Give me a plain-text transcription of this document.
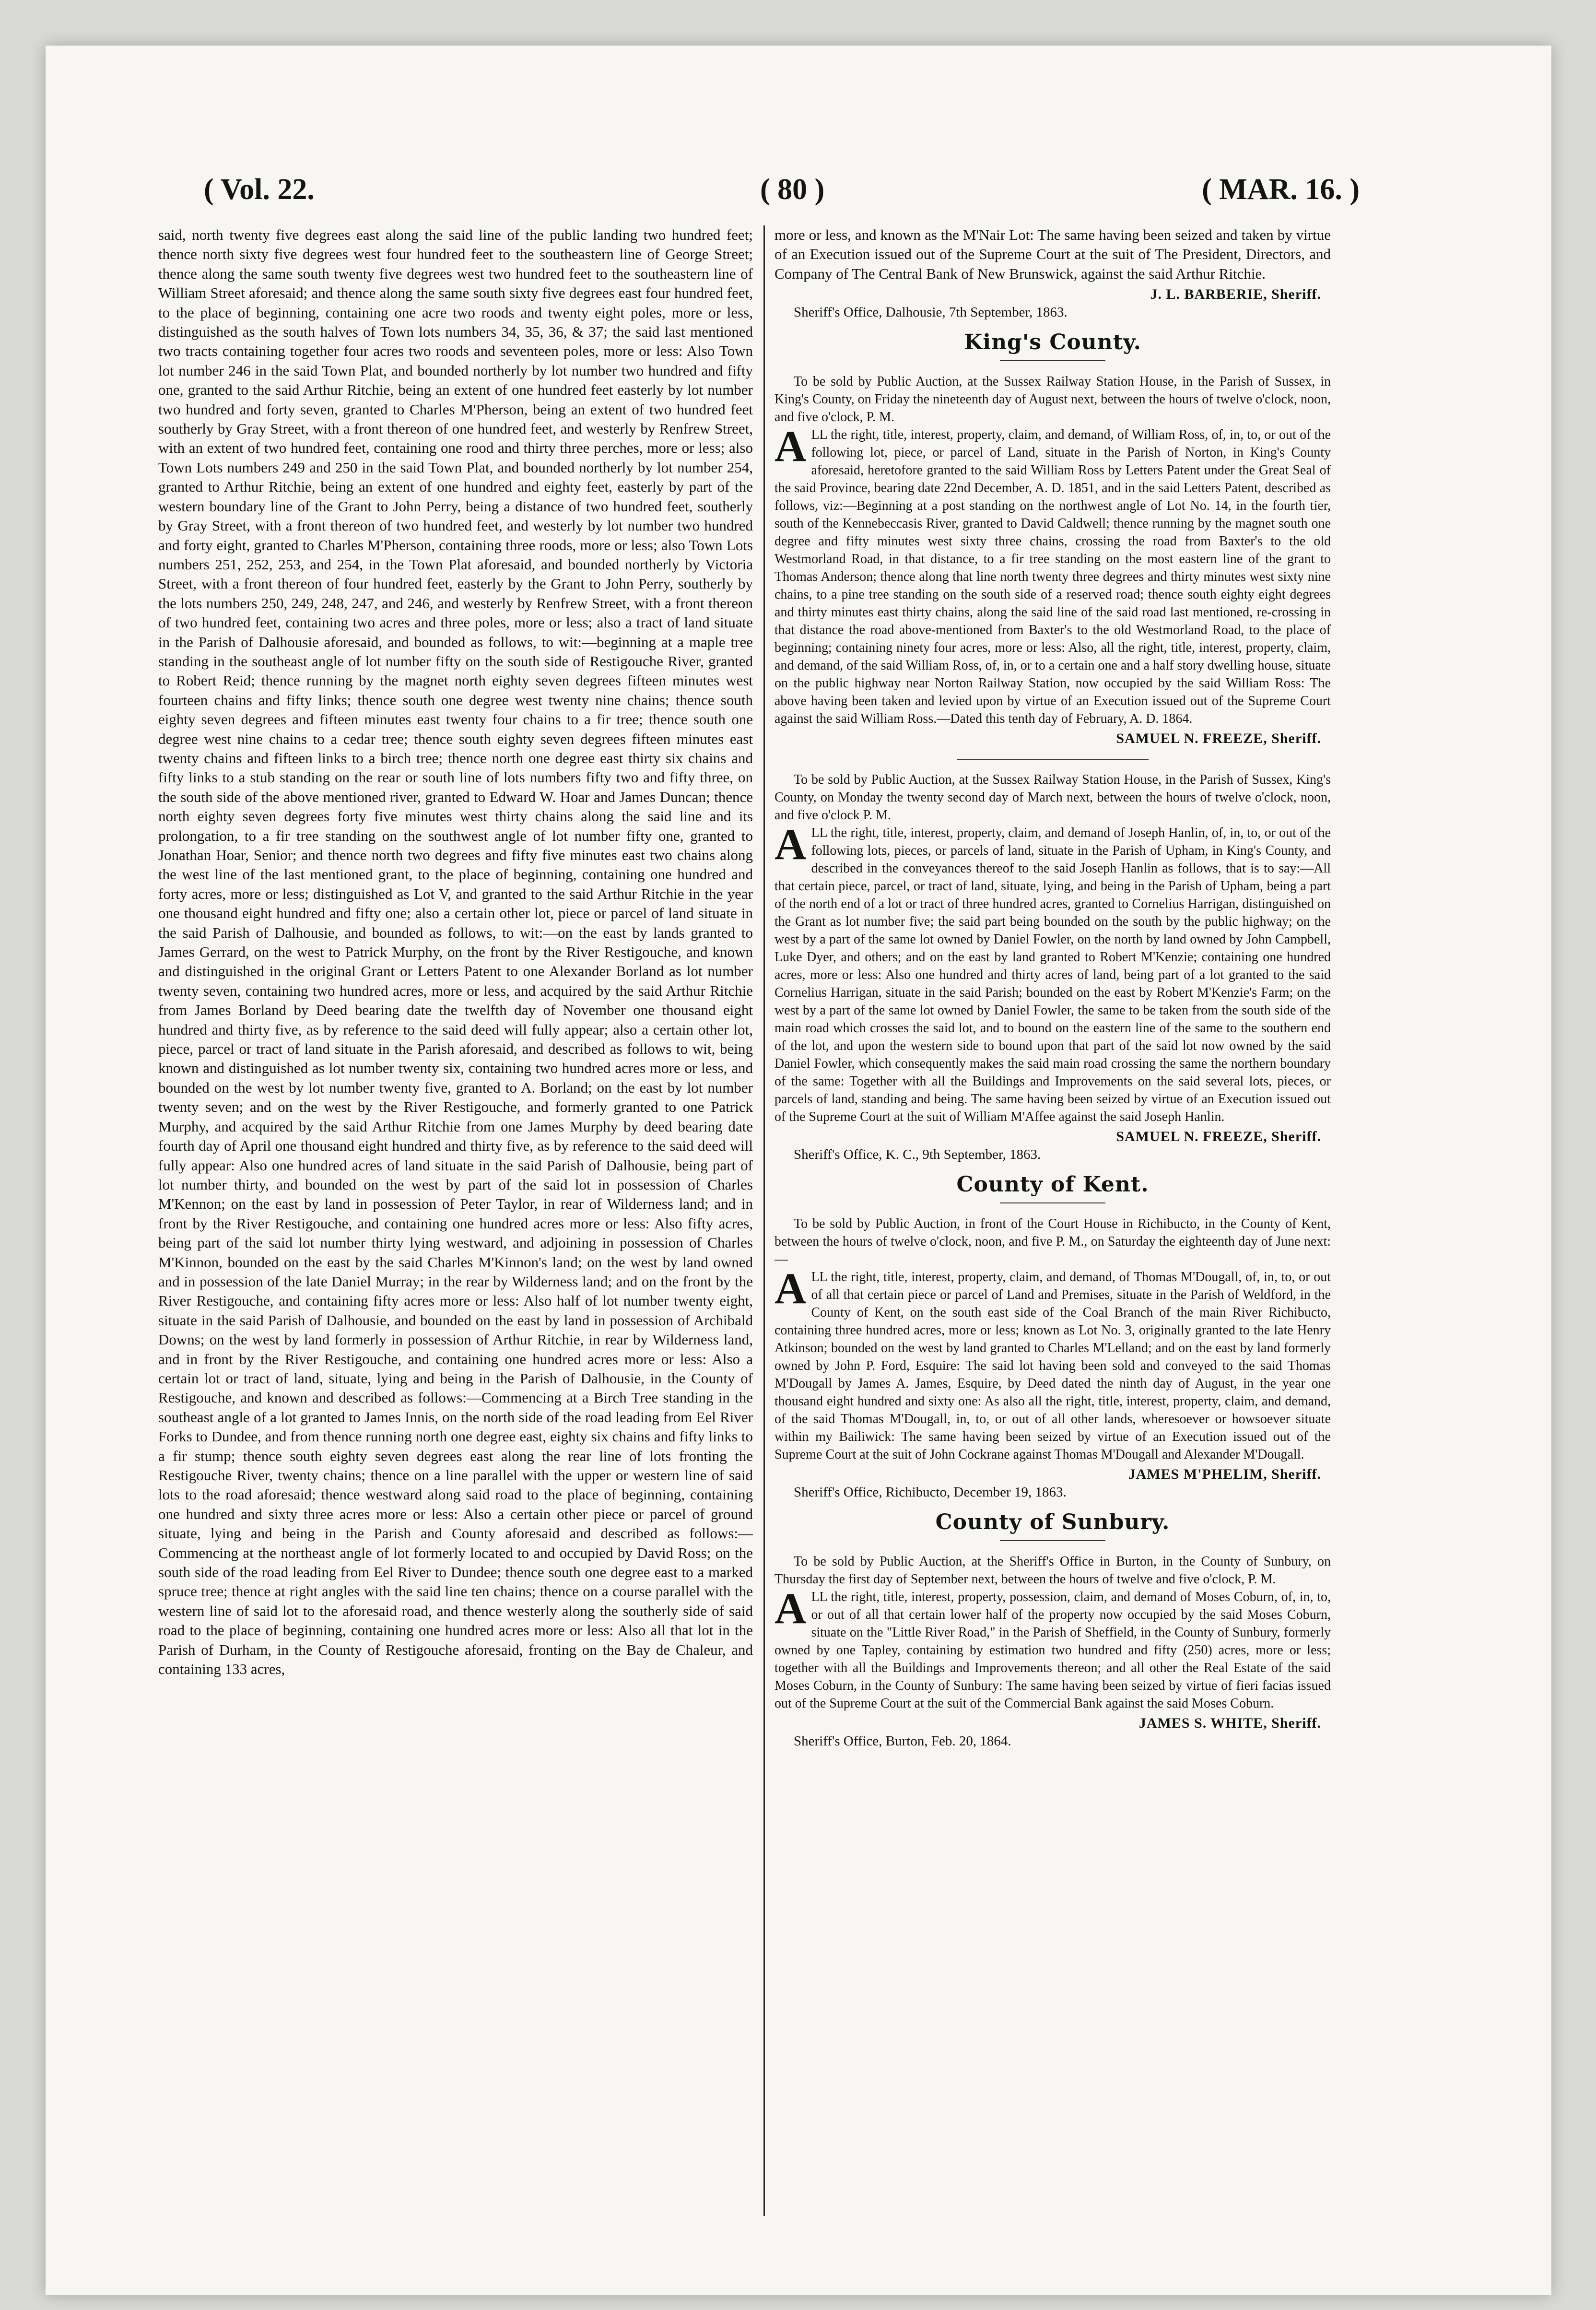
( Vol. 22.	( 80 )	( MAR. 16. )

said, north twenty five degrees east along the said line of the public landing two hundred feet; thence north sixty five degrees west four hundred feet to the southeastern line of George Street; thence along the same south twenty five degrees west two hundred feet to the southeastern line of William Street aforesaid; and thence along the same south sixty five degrees east four hundred feet, to the place of beginning, containing one acre two roods and twenty eight poles, more or less, distinguished as the south halves of Town lots numbers 34, 35, 36, & 37; the said last mentioned two tracts containing together four acres two roods and seventeen poles, more or less: Also Town lot number 246 in the said Town Plat, and bounded northerly by lot number two hundred and fifty one, granted to the said Arthur Ritchie, being an extent of one hundred feet easterly by lot number two hundred and forty seven, granted to Charles M'Pherson, being an extent of two hundred feet southerly by Gray Street, with a front thereon of one hundred feet, and westerly by Renfrew Street, with an extent of two hundred feet, containing one rood and thirty three perches, more or less; also Town Lots numbers 249 and 250 in the said Town Plat, and bounded northerly by lot number 254, granted to Arthur Ritchie, being an extent of one hundred and eighty feet, easterly by part of the western boundary line of the Grant to John Perry, being a distance of two hundred feet, southerly by Gray Street, with a front thereon of two hundred feet, and westerly by lot number two hundred and forty eight, granted to Charles M'Pherson, containing three roods, more or less; also Town Lots numbers 251, 252, 253, and 254, in the Town Plat aforesaid, and bounded northerly by Victoria Street, with a front thereon of four hundred feet, easterly by the Grant to John Perry, southerly by the lots numbers 250, 249, 248, 247, and 246, and westerly by Renfrew Street, with a front thereon of two hundred feet, containing two acres and three poles, more or less; also a tract of land situate in the Parish of Dalhousie aforesaid, and bounded as follows, to wit:—beginning at a maple tree standing in the southeast angle of lot number fifty on the south side of Restigouche River, granted to Robert Reid; thence running by the magnet north eighty seven degrees fifteen minutes west fourteen chains and fifty links; thence south one degree west twenty nine chains; thence south eighty seven degrees and fifteen minutes east twenty four chains to a fir tree; thence south one degree west nine chains to a cedar tree; thence south eighty seven degrees fifteen minutes east twenty chains and fifteen links to a birch tree; thence north one degree east thirty six chains and fifty links to a stub standing on the rear or south line of lots numbers fifty two and fifty three, on the south side of the above mentioned river, granted to Edward W. Hoar and James Duncan; thence north eighty seven degrees forty five minutes west thirty chains along the said line and its prolongation, to a fir tree standing on the southwest angle of lot number fifty one, granted to Jonathan Hoar, Senior; and thence north two degrees and fifty five minutes east two chains along the west line of the last mentioned grant, to the place of beginning, containing one hundred and forty acres, more or less; distinguished as Lot V, and granted to the said Arthur Ritchie in the year one thousand eight hundred and fifty one; also a certain other lot, piece or parcel of land situate in the said Parish of Dalhousie, and bounded as follows, to wit:—on the east by lands granted to James Gerrard, on the west to Patrick Murphy, on the front by the River Restigouche, and known and distinguished in the original Grant or Letters Patent to one Alexander Borland as lot number twenty seven, containing two hundred acres, more or less, and acquired by the said Arthur Ritchie from James Borland by Deed bearing date the twelfth day of November one thousand eight hundred and thirty five, as by reference to the said deed will fully appear; also a certain other lot, piece, parcel or tract of land situate in the Parish aforesaid, and described as follows to wit, being known and distinguished as lot number twenty six, containing two hundred acres more or less, and bounded on the west by lot number twenty five, granted to A. Borland; on the east by lot number twenty seven; and on the west by the River Restigouche, and formerly granted to one Patrick Murphy, and acquired by the said Arthur Ritchie from one James Murphy by deed bearing date fourth day of April one thousand eight hundred and thirty five, as by reference to the said deed will fully appear: Also one hundred acres of land situate in the said Parish of Dalhousie, being part of lot number thirty, and bounded on the west by part of the said lot in possession of Charles M'Kennon; on the east by land in possession of Peter Taylor, in rear of Wilderness land; and in front by the River Restigouche, and containing one hundred acres more or less: Also fifty acres, being part of the said lot number thirty lying westward, and adjoining in possession of Charles M'Kinnon, bounded on the east by the said Charles M'Kinnon's land; on the west by land owned and in possession of the late Daniel Murray; in the rear by Wilderness land; and on the front by the River Restigouche, and containing fifty acres more or less: Also half of lot number twenty eight, situate in the said Parish of Dalhousie, and bounded on the east by land in possession of Archibald Downs; on the west by land formerly in possession of Arthur Ritchie, in rear by Wilderness land, and in front by the River Restigouche, and containing one hundred acres more or less: Also a certain lot or tract of land, situate, lying and being in the Parish of Dalhousie, in the County of Restigouche, and known and described as follows:—Commencing at a Birch Tree standing in the southeast angle of a lot granted to James Innis, on the north side of the road leading from Eel River Forks to Dundee, and from thence running north one degree east, eighty six chains and fifty links to a fir stump; thence south eighty seven degrees east along the rear line of lots fronting the Restigouche River, twenty chains; thence on a line parallel with the upper or western line of said lots to the road aforesaid; thence westward along said road to the place of beginning, containing one hundred and sixty three acres more or less: Also a certain other piece or parcel of ground situate, lying and being in the Parish and County aforesaid and described as follows:—Commencing at the northeast angle of lot formerly located to and occupied by David Ross; on the south side of the road leading from Eel River to Dundee; thence south one degree east to a marked spruce tree; thence at right angles with the said line ten chains; thence on a course parallel with the western line of said lot to the aforesaid road, and thence westerly along the southerly side of said road to the place of beginning, containing one hundred acres more or less: Also all that lot in the Parish of Durham, in the County of Restigouche aforesaid, fronting on the Bay de Chaleur, and containing 133 acres,

more or less, and known as the M'Nair Lot: The same having been seized and taken by virtue of an Execution issued out of the Supreme Court at the suit of The President, Directors, and Company of The Central Bank of New Brunswick, against the said Arthur Ritchie.

J. L. BARBERIE, Sheriff.
Sheriff's Office, Dalhousie, 7th September, 1863.
King's County.

To be sold by Public Auction, at the Sussex Railway Station House, in the Parish of Sussex, in King's County, on Friday the nineteenth day of August next, between the hours of twelve o'clock, noon, and five o'clock, P. M.

ALL the right, title, interest, property, claim, and demand, of William Ross, of, in, to, or out of the following lot, piece, or parcel of Land, situate in the Parish of Norton, in King's County aforesaid, heretofore granted to the said William Ross by Letters Patent under the Great Seal of the said Province, bearing date 22nd December, A. D. 1851, and in the said Letters Patent, described as follows, viz:—Beginning at a post standing on the northwest angle of Lot No. 14, in the fourth tier, south of the Kennebeccasis River, granted to David Caldwell; thence running by the magnet south one degree and fifty minutes west sixty three chains, crossing the road from Baxter's to the old Westmorland Road, in that distance, to a fir tree standing on the most eastern line of the grant to Thomas Anderson; thence along that line north twenty three degrees and thirty minutes west sixty nine chains, to a pine tree standing on the south side of a reserved road; thence south eighty eight degrees and thirty minutes east thirty chains, along the said line of the said road last mentioned, re-crossing in that distance the road above-mentioned from Baxter's to the old Westmorland Road, to the place of beginning; containing ninety four acres, more or less: Also, all the right, title, interest, property, claim, and demand, of the said William Ross, of, in, or to a certain one and a half story dwelling house, situate on the public highway near Norton Railway Station, now occupied by the said William Ross: The above having been taken and levied upon by virtue of an Execution issued out of the Supreme Court against the said William Ross.—Dated this tenth day of February, A. D. 1864.

SAMUEL N. FREEZE, Sheriff.

To be sold by Public Auction, at the Sussex Railway Station House, in the Parish of Sussex, King's County, on Monday the twenty second day of March next, between the hours of twelve o'clock, noon, and five o'clock P. M.

ALL the right, title, interest, property, claim, and demand of Joseph Hanlin, of, in, to, or out of the following lots, pieces, or parcels of land, situate in the Parish of Upham, in King's County, and described in the conveyances thereof to the said Joseph Hanlin as follows, that is to say:—All that certain piece, parcel, or tract of land, situate, lying, and being in the Parish of Upham, being a part of the north end of a lot or tract of three hundred acres, granted to Cornelius Harrigan, distinguished on the Grant as lot number five; the said part being bounded on the south by the public highway; on the west by a part of the same lot owned by Daniel Fowler, on the north by land owned by John Campbell, Luke Dyer, and others; and on the east by land granted to Robert M'Kenzie; containing one hundred acres, more or less: Also one hundred and thirty acres of land, being part of a lot granted to the said Cornelius Harrigan, situate in the said Parish; bounded on the east by Robert M'Kenzie's Farm; on the west by a part of the same lot owned by Daniel Fowler, the same to be taken from the south side of the main road which crosses the said lot, and to bound on the eastern line of the same to the southern end of the lot, and upon the western side to bound upon that part of the said lot now owned by the said Daniel Fowler, which consequently makes the said main road crossing the same the northern boundary of the same: Together with all the Buildings and Improvements on the said several lots, pieces, or parcels of land, standing and being. The same having been seized by virtue of an Execution issued out of the Supreme Court at the suit of William M'Affee against the said Joseph Hanlin.

SAMUEL N. FREEZE, Sheriff.
Sheriff's Office, K. C., 9th September, 1863.
County of Kent.

To be sold by Public Auction, in front of the Court House in Richibucto, in the County of Kent, between the hours of twelve o'clock, noon, and five P. M., on Saturday the eighteenth day of June next:—

ALL the right, title, interest, property, claim, and demand, of Thomas M'Dougall, of, in, to, or out of all that certain piece or parcel of Land and Premises, situate in the Parish of Weldford, in the County of Kent, on the south east side of the Coal Branch of the main River Richibucto, containing three hundred acres, more or less; known as Lot No. 3, originally granted to the late Henry Atkinson; bounded on the west by land granted to Charles M'Lelland; and on the east by land formerly owned by John P. Ford, Esquire: The said lot having been sold and conveyed to the said Thomas M'Dougall by James A. James, Esquire, by Deed dated the ninth day of August, in the year one thousand eight hundred and sixty one: As also all the right, title, interest, property, claim, and demand, of the said Thomas M'Dougall, in, to, or out of all other lands, wheresoever or howsoever situate within my Bailiwick: The same having been seized by virtue of an Execution issued out of the Supreme Court at the suit of John Cockrane against Thomas M'Dougall and Alexander M'Dougall.

JAMES M'PHELIM, Sheriff.
Sheriff's Office, Richibucto, December 19, 1863.
County of Sunbury.

To be sold by Public Auction, at the Sheriff's Office in Burton, in the County of Sunbury, on Thursday the first day of September next, between the hours of twelve and five o'clock, P. M.

ALL the right, title, interest, property, possession, claim, and demand of Moses Coburn, of, in, to, or out of all that certain lower half of the property now occupied by the said Moses Coburn, situate on the "Little River Road," in the Parish of Sheffield, in the County of Sunbury, formerly owned by one Tapley, containing by estimation two hundred and fifty (250) acres, more or less; together with all the Buildings and Improvements thereon; and all other the Real Estate of the said Moses Coburn, in the County of Sunbury: The same having been seized by virtue of fieri facias issued out of the Supreme Court at the suit of the Commercial Bank against the said Moses Coburn.

JAMES S. WHITE, Sheriff.
Sheriff's Office, Burton, Feb. 20, 1864.
